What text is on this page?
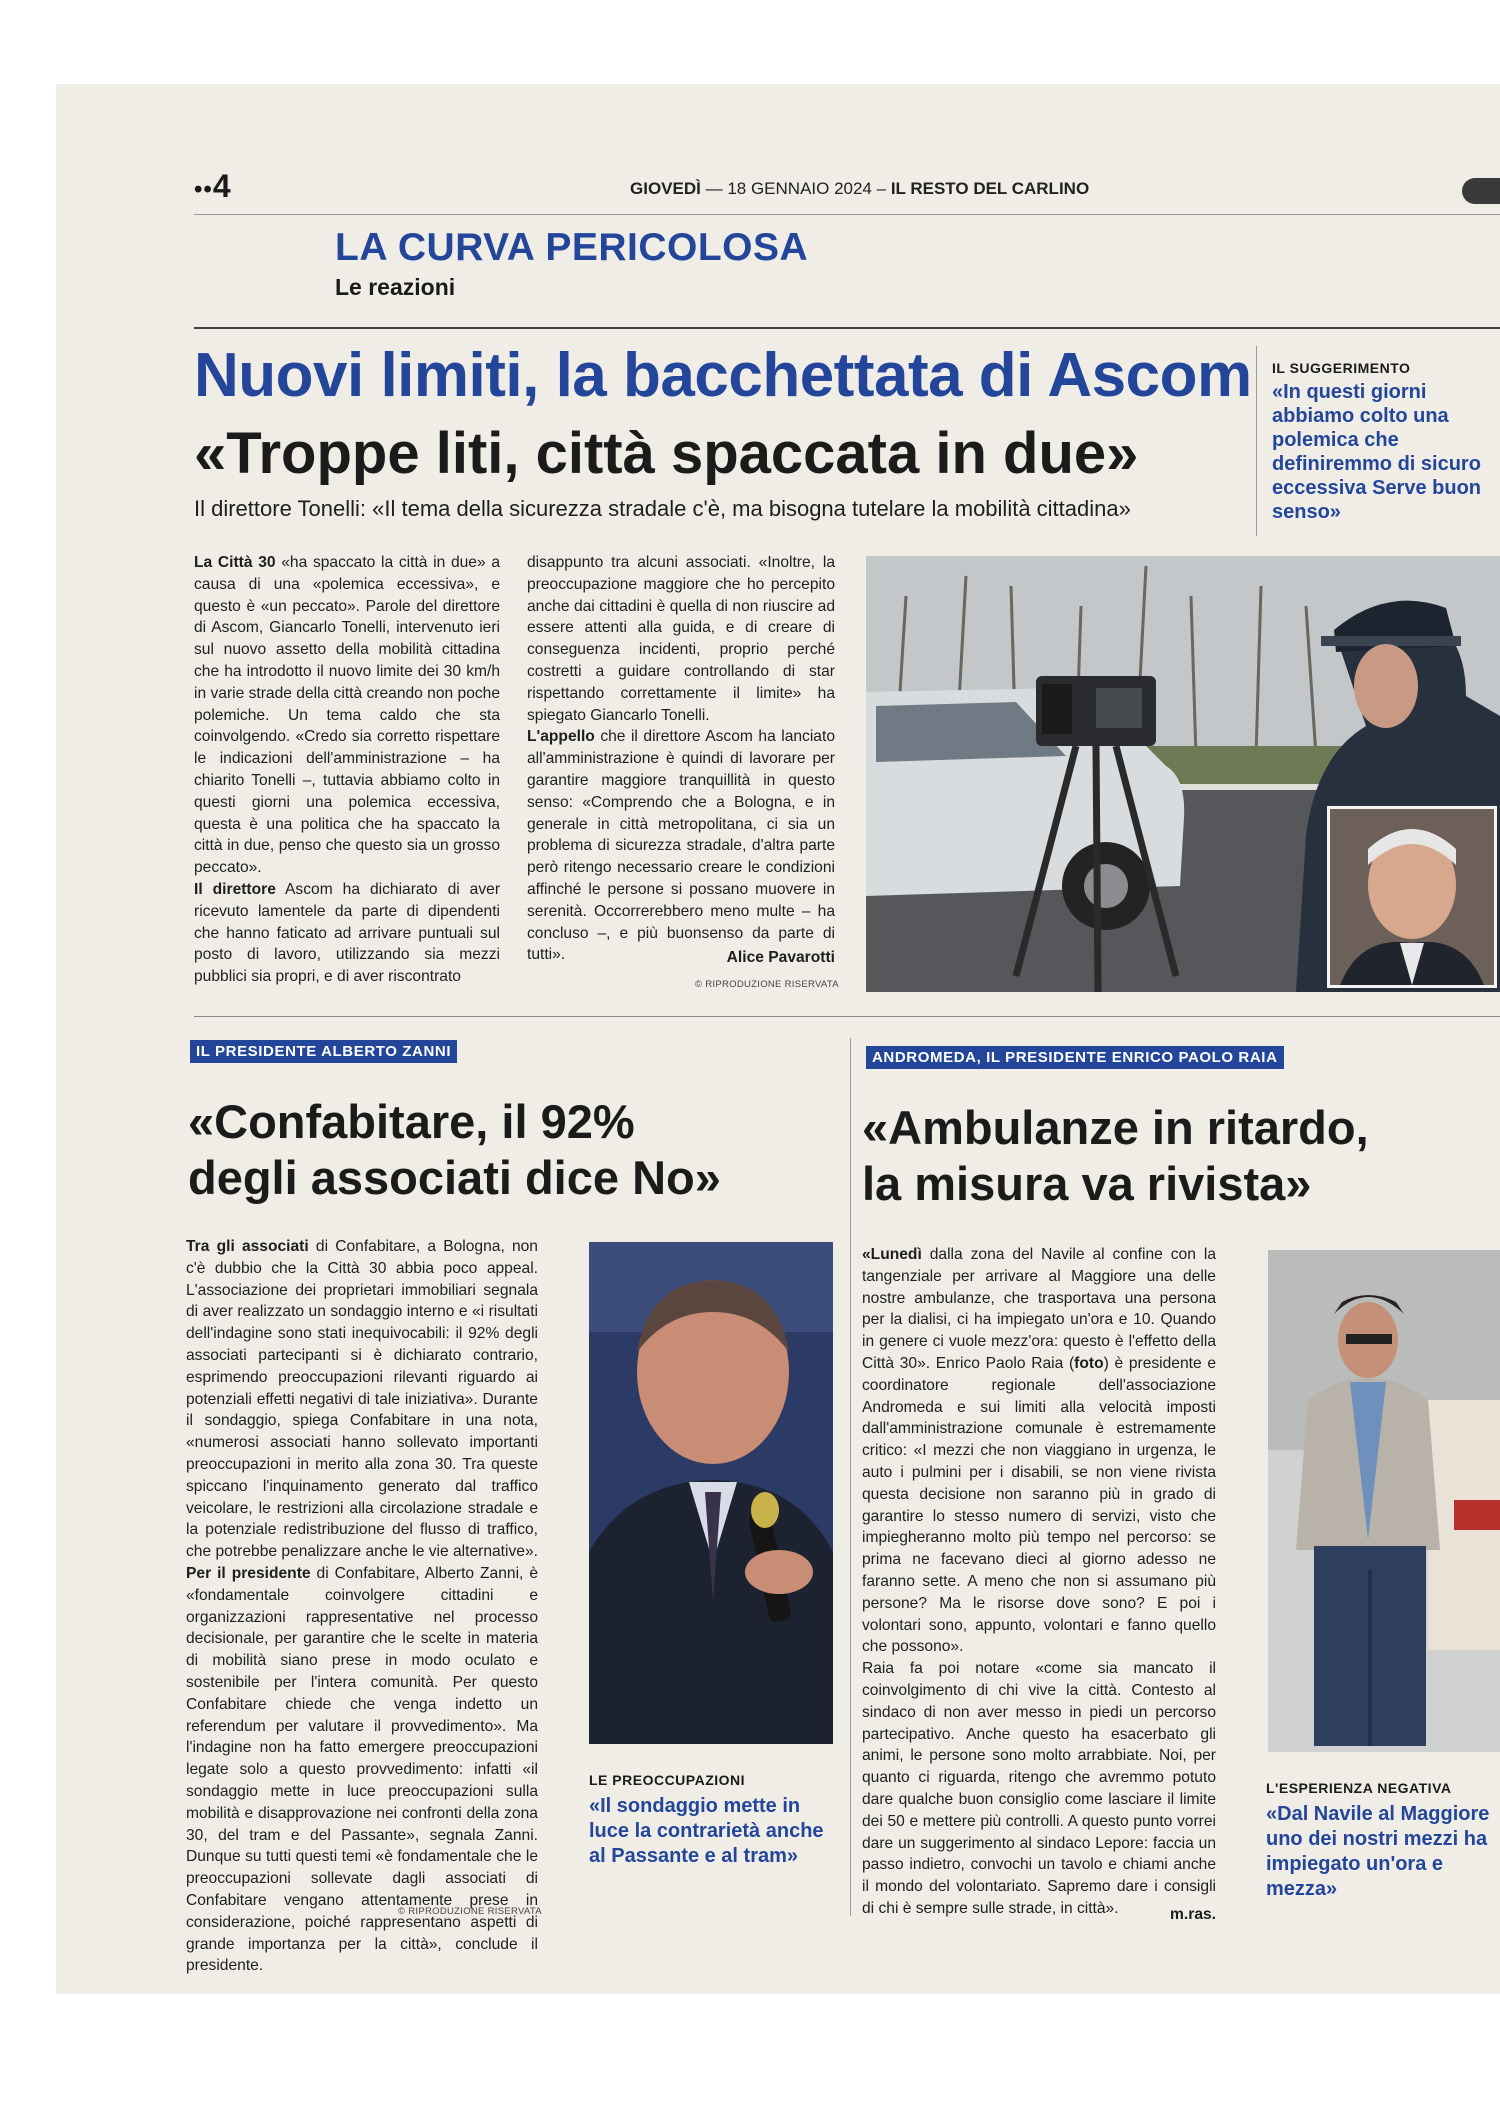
••4	GIOVEDÌ — 18 GENNAIO 2024 – IL RESTO DEL CARLINO
LA CURVA PERICOLOSA
Le reazioni
Nuovi limiti, la bacchettata di Ascom
«Troppe liti, città spaccata in due»
Il direttore Tonelli: «Il tema della sicurezza stradale c'è, ma bisogna tutelare la mobilità cittadina»
IL SUGGERIMENTO
«In questi giorni abbiamo colto una polemica che definiremmo di sicuro eccessiva Serve buon senso»

La Città 30 «ha spaccato la città in due» a causa di una «polemica eccessiva», e questo è «un peccato». Parole del direttore di Ascom, Giancarlo Tonelli, intervenuto ieri sul nuovo assetto della mobilità cittadina che ha introdotto il nuovo limite dei 30 km/h in varie strade della città creando non poche polemiche. Un tema caldo che sta coinvolgendo. «Credo sia corretto rispettare le indicazioni dell'amministrazione – ha chiarito Tonelli –, tuttavia abbiamo colto in questi giorni una polemica eccessiva, questa è una politica che ha spaccato la città in due, penso che questo sia un grosso peccato».

Il direttore Ascom ha dichiarato di aver ricevuto lamentele da parte di dipendenti che hanno faticato ad arrivare puntuali sul posto di lavoro, utilizzando sia mezzi pubblici sia propri, e di aver riscontrato

disappunto tra alcuni associati. «Inoltre, la preoccupazione maggiore che ho percepito anche dai cittadini è quella di non riuscire ad essere attenti alla guida, e di creare di conseguenza incidenti, proprio perché costretti a guidare controllando di star rispettando correttamente il limite» ha spiegato Giancarlo Tonelli.

L'appello che il direttore Ascom ha lanciato all'amministrazione è quindi di lavorare per garantire maggiore tranquillità in questo senso: «Comprendo che a Bologna, e in generale in città metropolitana, ci sia un problema di sicurezza stradale, d'altra parte però ritengo necessario creare le condizioni affinché le persone si possano muovere in serenità. Occorrerebbero meno multe – ha concluso –, e più buonsenso da parte di tutti».	Alice Pavarotti
© RIPRODUZIONE RISERVATA
IL PRESIDENTE ALBERTO ZANNI
«Confabitare, il 92%
degli associati dice No»

Tra gli associati di Confabitare, a Bologna, non c'è dubbio che la Città 30 abbia poco appeal. L'associazione dei proprietari immobiliari segnala di aver realizzato un sondaggio interno e «i risultati dell'indagine sono stati inequivocabili: il 92% degli associati partecipanti si è dichiarato contrario, esprimendo preoccupazioni rilevanti riguardo ai potenziali effetti negativi di tale iniziativa». Durante il sondaggio, spiega Confabitare in una nota, «numerosi associati hanno sollevato importanti preoccupazioni in merito alla zona 30. Tra queste spiccano l'inquinamento generato dal traffico veicolare, le restrizioni alla circolazione stradale e la potenziale redistribuzione del flusso di traffico, che potrebbe penalizzare anche le vie alternative».

Per il presidente di Confabitare, Alberto Zanni, è «fondamentale coinvolgere cittadini e organizzazioni rappresentative nel processo decisionale, per garantire che le scelte in materia di mobilità siano prese in modo oculato e sostenibile per l'intera comunità. Per questo Confabitare chiede che venga indetto un referendum per valutare il provvedimento». Ma l'indagine non ha fatto emergere preoccupazioni legate solo a questo provvedimento: infatti «il sondaggio mette in luce preoccupazioni sulla mobilità e disapprovazione nei confronti della zona 30, del tram e del Passante», segnala Zanni. Dunque su tutti questi temi «è fondamentale che le preoccupazioni sollevate dagli associati di Confabitare vengano attentamente prese in considerazione, poiché rappresentano aspetti di grande importanza per la città», conclude il presidente.

© RIPRODUZIONE RISERVATA
LE PREOCCUPAZIONI
«Il sondaggio mette in luce la contrarietà anche al Passante e al tram»
ANDROMEDA, IL PRESIDENTE ENRICO PAOLO RAIA
«Ambulanze in ritardo,
la misura va rivista»

«Lunedì dalla zona del Navile al confine con la tangenziale per arrivare al Maggiore una delle nostre ambulanze, che trasportava una persona per la dialisi, ci ha impiegato un'ora e 10. Quando in genere ci vuole mezz'ora: questo è l'effetto della Città 30». Enrico Paolo Raia (foto) è presidente e coordinatore regionale dell'associazione Andromeda e sui limiti alla velocità imposti dall'amministrazione comunale è estremamente critico: «I mezzi che non viaggiano in urgenza, le auto i pulmini per i disabili, se non viene rivista questa decisione non saranno più in grado di garantire lo stesso numero di servizi, visto che impiegheranno molto più tempo nel percorso: se prima ne facevano dieci al giorno adesso ne faranno sette. A meno che non si assumano più persone? Ma le risorse dove sono? E poi i volontari sono, appunto, volontari e fanno quello che possono».

Raia fa poi notare «come sia mancato il coinvolgimento di chi vive la città. Contesto al sindaco di non aver messo in piedi un percorso partecipativo. Anche questo ha esacerbato gli animi, le persone sono molto arrabbiate. Noi, per quanto ci riguarda, ritengo che avremmo potuto dare qualche buon consiglio come lasciare il limite dei 50 e mettere più controlli. A questo punto vorrei dare un suggerimento al sindaco Lepore: faccia un passo indietro, convochi un tavolo e chiami anche il mondo del volontariato. Sapremo dare i consigli di chi è sempre sulle strade, in città».	m.ras.
L'ESPERIENZA NEGATIVA
«Dal Navile al Maggiore uno dei nostri mezzi ha impiegato un'ora e mezza»
